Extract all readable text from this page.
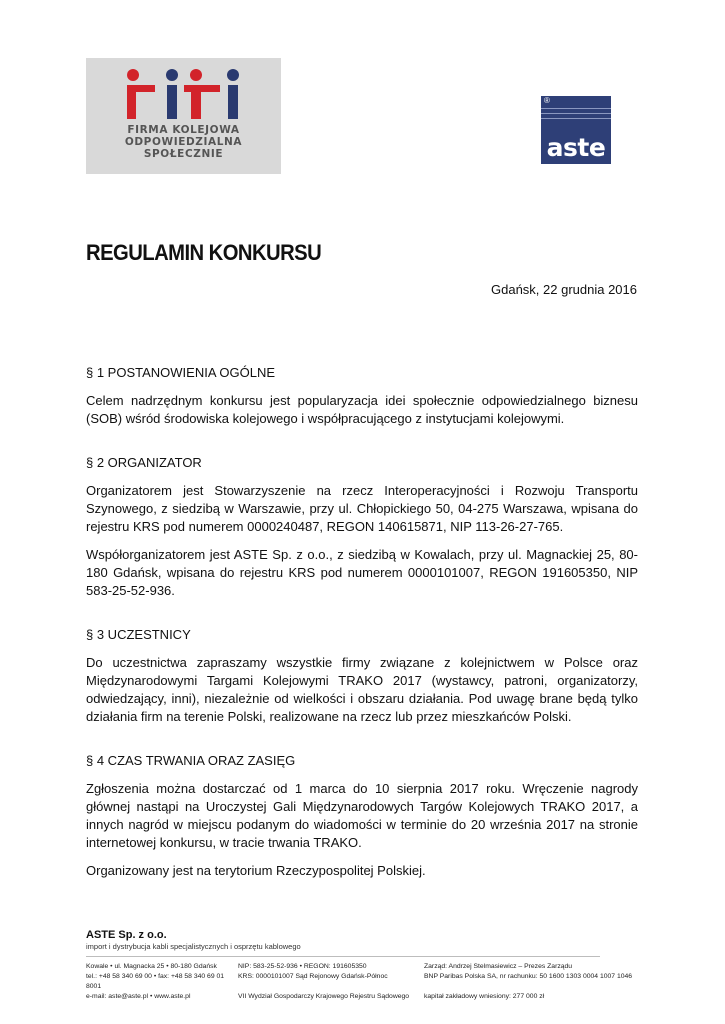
FIRMA KOLEJOWA
ODPOWIEDZIALNA
SPOŁECZNIE
®
aste
REGULAMIN KONKURSU
Gdańsk, 22 grudnia 2016
§ 1 POSTANOWIENIA OGÓLNE

Celem nadrzędnym konkursu jest popularyzacja idei społecznie odpowiedzialnego biznesu (SOB) wśród środowiska kolejowego i współpracującego z instytucjami kolejowymi.

§ 2 ORGANIZATOR

Organizatorem jest Stowarzyszenie na rzecz Interoperacyjności i Rozwoju Transportu Szynowego, z siedzibą w Warszawie, przy ul. Chłopickiego 50, 04-275 Warszawa, wpisana do rejestru KRS pod numerem 0000240487, REGON 140615871, NIP 113-26-27-765.

Współorganizatorem jest ASTE Sp. z o.o., z siedzibą w Kowalach, przy ul. Magnackiej 25, 80-180 Gdańsk, wpisana do rejestru KRS pod numerem 0000101007, REGON 191605350, NIP 583-25-52-936.

§ 3 UCZESTNICY

Do uczestnictwa zapraszamy wszystkie firmy związane z kolejnictwem w Polsce oraz Międzynarodowymi Targami Kolejowymi TRAKO 2017 (wystawcy, patroni, organizatorzy, odwiedzający, inni), niezależnie od wielkości i obszaru działania. Pod uwagę brane będą tylko działania firm na terenie Polski, realizowane na rzecz lub przez mieszkańców Polski.

§ 4 CZAS TRWANIA ORAZ ZASIĘG

Zgłoszenia można dostarczać od 1 marca do 10 sierpnia 2017 roku. Wręczenie nagrody głównej nastąpi na Uroczystej Gali Międzynarodowych Targów Kolejowych TRAKO 2017, a innych nagród w miejscu podanym do wiadomości w terminie do 20 września 2017 na stronie internetowej konkursu, w tracie trwania TRAKO.

Organizowany jest na terytorium Rzeczypospolitej Polskiej.

ASTE Sp. z o.o.
import i dystrybucja kabli specjalistycznych i osprzętu kablowego
Kowale • ul. Magnacka 25 • 80-180 Gdańsk
tel.: +48 58 340 69 00 • fax: +48 58 340 69 01 8001
e-mail: aste@aste.pl • www.aste.pl
NIP: 583-25-52-936 • REGON: 191605350
KRS: 0000101007 Sąd Rejonowy Gdańsk-Północ
VII Wydział Gospodarczy Krajowego Rejestru Sądowego
Zarząd: Andrzej Stelmasiewicz – Prezes Zarządu
BNP Paribas Polska SA, nr rachunku: 50 1600 1303 0004 1007 1046
kapitał zakładowy wniesiony: 277 000 zł
